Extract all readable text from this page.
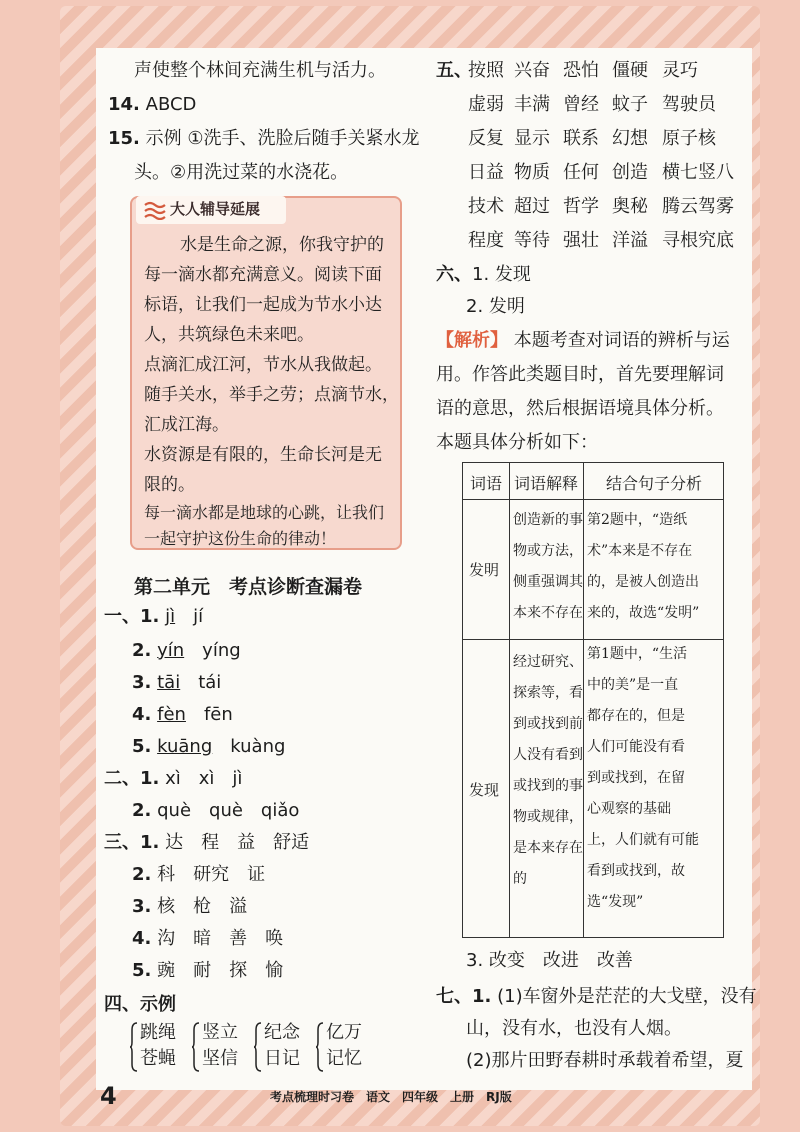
声使整个林间充满生机与活力。
14. ABCD
15. 示例 ①洗手、洗脸后随手关紧水龙
头。②用洗过菜的水浇花。
大人辅导延展
水是生命之源，你我守护的
每一滴水都充满意义。阅读下面
标语，让我们一起成为节水小达
人，共筑绿色未来吧。
点滴汇成江河，节水从我做起。
随手关水，举手之劳；点滴节水，
汇成江海。
水资源是有限的，生命长河是无
限的。
每一滴水都是地球的心跳，让我们
一起守护这份生命的律动！
第二单元　考点诊断查漏卷
一、1. jì　 jí
2. yín　 yíng
3. tāi　 tái
4. fèn　 fēn
5. kuāng　 kuàng
二、1. xì　xì　jì
2. què　què　qiǎo
三、1. 达　程　益　舒适
2. 科　研究　证
3. 核　枪　溢
4. 沟　暗　善　唤
5. 豌　耐　探　愉
四、示例
跳绳
苍蝇
竖立
坚信
纪念
日记
亿万
记忆
五、
按照 兴奋 恐怕 僵硬 灵巧
虚弱 丰满 曾经 蚊子 驾驶员
反复 显示 联系 幻想 原子核
日益 物质 任何 创造 横七竖八
技术 超过 哲学 奥秘 腾云驾雾
程度 等待 强壮 洋溢 寻根究底
六、1. 发现
2. 发明
【解析】 本题考查对词语的辨析与运
用。作答此类题目时，首先要理解词
语的意思，然后根据语境具体分析。
本题具体分析如下：
词语 词语解释	结合句子分析
发明
创造新的事
物或方法，
侧重强调其
本来不存在
第2题中，“造纸
术”本来是不存在
的，是被人创造出
来的，故选“发明”
发现
经过研究、
探索等，看
到或找到前
人没有看到
或找到的事
物或规律，
是本来存在
的
第1题中，“生活
中的美”是一直
都存在的，但是
人们可能没有看
到或找到，在留
心观察的基础
上，人们就有可能
看到或找到，故
选“发现”
3. 改变　改进　改善
七、1. (1)车窗外是茫茫的大戈壁，没有
山，没有水，也没有人烟。
(2)那片田野春耕时承载着希望，夏
4	考点梳理时习卷　语文　四年级　上册　RJ版
